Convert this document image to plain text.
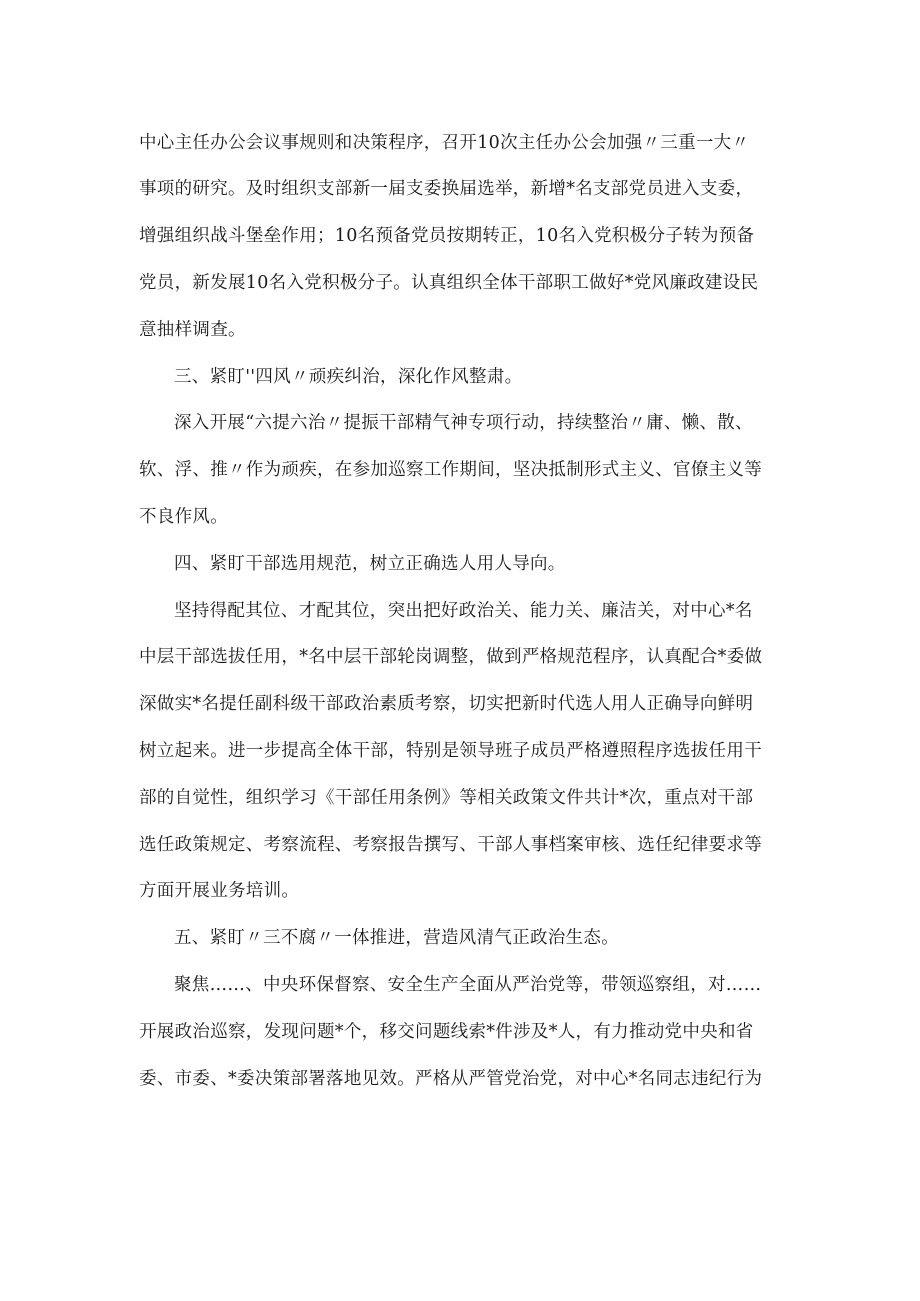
中心主任办公会议事规则和决策程序，召开10次主任办公会加强〃三重一大〃
事项的研究。及时组织支部新一届支委换届选举，新增*名支部党员进入支委，
增强组织战斗堡垒作用；10名预备党员按期转正，10名入党积极分子转为预备
党员，新发展10名入党积极分子。认真组织全体干部职工做好*党风廉政建设民
意抽样调查。
三、紧盯''四风〃顽疾纠治，深化作风整肃。
深入开展“六提六治〃提振干部精气神专项行动，持续整治〃庸、懒、散、
软、浮、推〃作为顽疾，在参加巡察工作期间，坚决抵制形式主义、官僚主义等
不良作风。
四、紧盯干部选用规范，树立正确选人用人导向。
坚持得配其位、才配其位，突出把好政治关、能力关、廉洁关，对中心*名
中层干部选拔任用，*名中层干部轮岗调整，做到严格规范程序，认真配合*委做
深做实*名提任副科级干部政治素质考察，切实把新时代选人用人正确导向鲜明
树立起来。进一步提高全体干部，特别是领导班子成员严格遵照程序选拔任用干
部的自觉性，组织学习《干部任用条例》等相关政策文件共计*次，重点对干部
选任政策规定、考察流程、考察报告撰写、干部人事档案审核、选任纪律要求等
方面开展业务培训。
五、紧盯〃三不腐〃一体推进，营造风清气正政治生态。
聚焦……、中央环保督察、安全生产全面从严治党等，带领巡察组，对……
开展政治巡察，发现问题*个，移交问题线索*件涉及*人，有力推动党中央和省
委、市委、*委决策部署落地见效。严格从严管党治党，对中心*名同志违纪行为
